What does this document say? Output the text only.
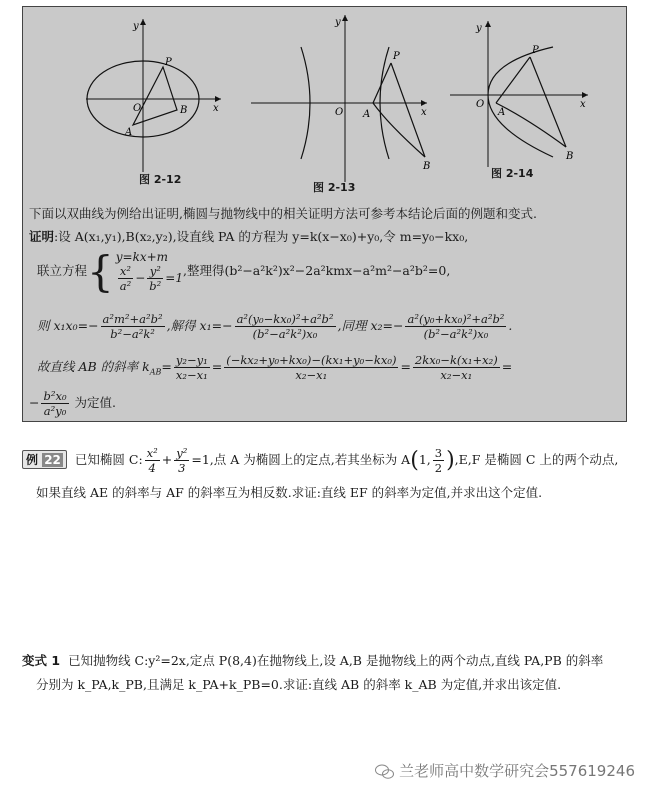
y
x
O
P
A
B
y
x
O
P
A
B
y
x
O
P
A
B
图 2-12
图 2-13
图 2-14
下面以双曲线为例给出证明,椭圆与抛物线中的相关证明方法可参考本结论后面的例题和变式.
证明:设 A(x₁,y₁),B(x₂,y₂),设直线 PA 的方程为 y=k(x−x₀)+y₀,令 m=y₀−kx₀,
联立方程{ y=kx+m
$\frac{\text{x²}}{\text{a²}} - \frac{\text{y²}}{\text{b²}} =1$ ,整理得(b²−a²k²)x²−2a²kmx−a²m²−a²b²=0,
则 $x_1x_0=- \frac{\text{a²m²+a²b²}}{\text{b²−a²k²}}$ ,解得 $x_1=- \frac{\text{a²(y₀−kx₀)²+a²b²}}{\text{(b²−a²k²)x₀}}$ ,同理 $x_2=- \frac{\text{a²(y₀+kx₀)²+a²b²}}{\text{(b²−a²k²)x₀}}$ .
故直线 AB 的斜率 $k_{AB}= \frac{\text{y₂−y₁}}{\text{x₂−x₁}} = \frac{\text{(−kx₂+y₀+kx₀)−(kx₁+y₀−kx₀)}}{\text{x₂−x₁}} = \frac{\text{2kx₀−k(x₁+x₂)}}{\text{x₂−x₁}}$ =
− $\frac{\text{b²x₀}}{\text{a²y₀}}$ 为定值.
例 22 已知椭圆 C: $\frac{\text{x²}}{4} + \frac{\text{y²}}{3} =1$,点 A 为椭圆上的定点,若其坐标为 A(1, $\frac{3}{2} ),E,F$ 是椭圆 C 上的两个动点,
如果直线 AE 的斜率与 AF 的斜率互为相反数.求证:直线 EF 的斜率为定值,并求出这个定值.
变式 1 已知抛物线 C:y²=2x,定点 P(8,4)在抛物线上,设 A,B 是抛物线上的两个动点,直线 PA,PB 的斜率
分别为 k_PA,k_PB,且满足 k_PA+k_PB=0.求证:直线 AB 的斜率 k_AB 为定值,并求出该定值.
兰老师高中数学研究会557619246
